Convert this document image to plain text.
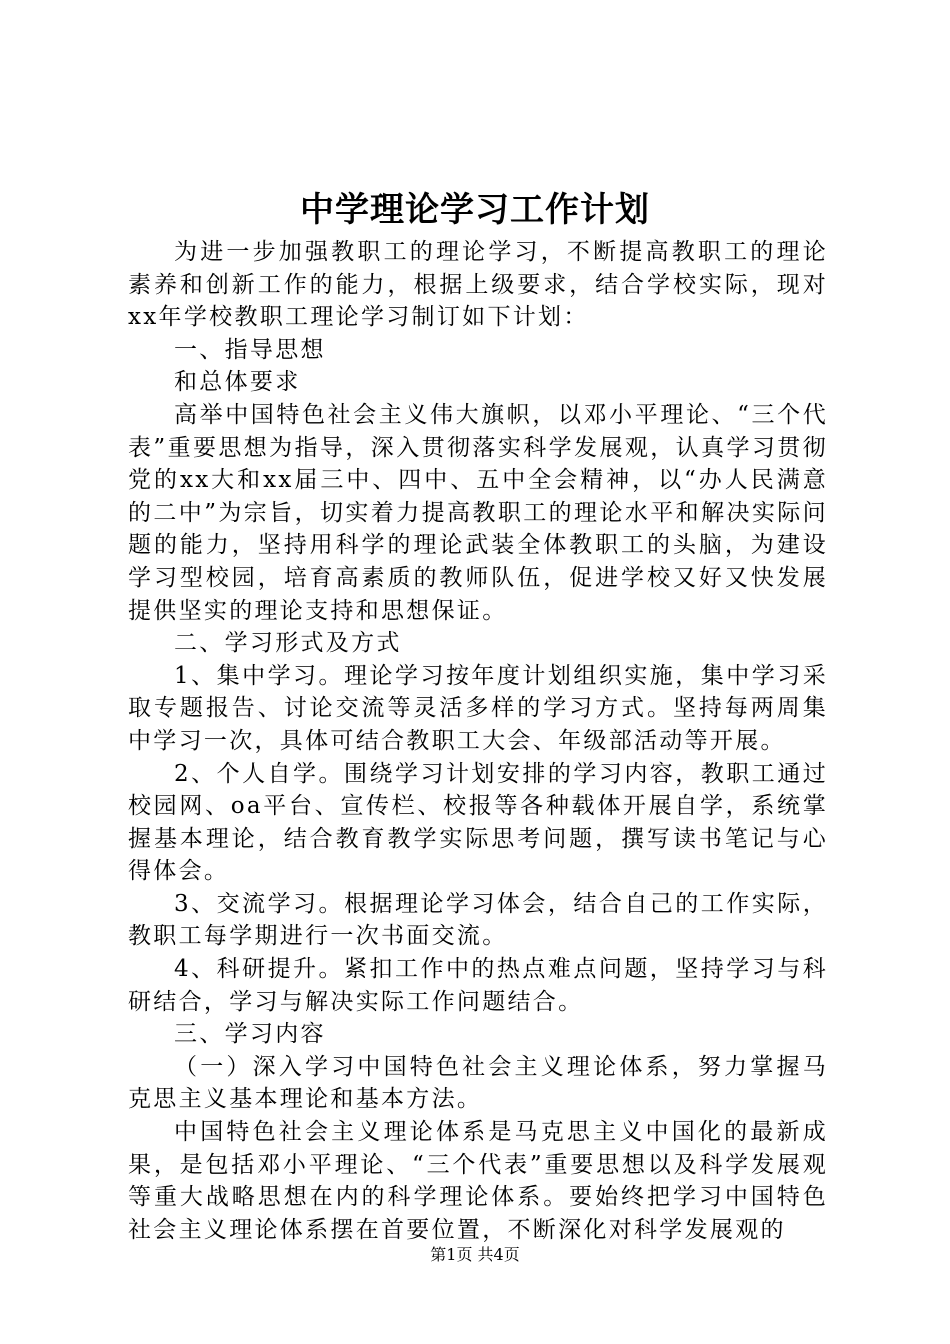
中学理论学习工作计划

为进一步加强教职工的理论学习，不断提高教职工的理论素养和创新工作的能力，根据上级要求，结合学校实际，现对xx年学校教职工理论学习制订如下计划：

一、指导思想

和总体要求

高举中国特色社会主义伟大旗帜，以邓小平理论、“三个代表”重要思想为指导，深入贯彻落实科学发展观，认真学习贯彻党的xx大和xx届三中、四中、五中全会精神，以“办人民满意的二中”为宗旨，切实着力提高教职工的理论水平和解决实际问题的能力，坚持用科学的理论武装全体教职工的头脑，为建设学习型校园，培育高素质的教师队伍，促进学校又好又快发展提供坚实的理论支持和思想保证。

二、学习形式及方式

1、集中学习。理论学习按年度计划组织实施，集中学习采取专题报告、讨论交流等灵活多样的学习方式。坚持每两周集中学习一次，具体可结合教职工大会、年级部活动等开展。

2、个人自学。围绕学习计划安排的学习内容，教职工通过校园网、oa平台、宣传栏、校报等各种载体开展自学，系统掌握基本理论，结合教育教学实际思考问题，撰写读书笔记与心得体会。

3、交流学习。根据理论学习体会，结合自己的工作实际，教职工每学期进行一次书面交流。

4、科研提升。紧扣工作中的热点难点问题，坚持学习与科研结合，学习与解决实际工作问题结合。

三、学习内容

（一）深入学习中国特色社会主义理论体系，努力掌握马克思主义基本理论和基本方法。

中国特色社会主义理论体系是马克思主义中国化的最新成果，是包括邓小平理论、“三个代表”重要思想以及科学发展观等重大战略思想在内的科学理论体系。要始终把学习中国特色社会主义理论体系摆在首要位置，不断深化对科学发展观的

第1页 共4页
